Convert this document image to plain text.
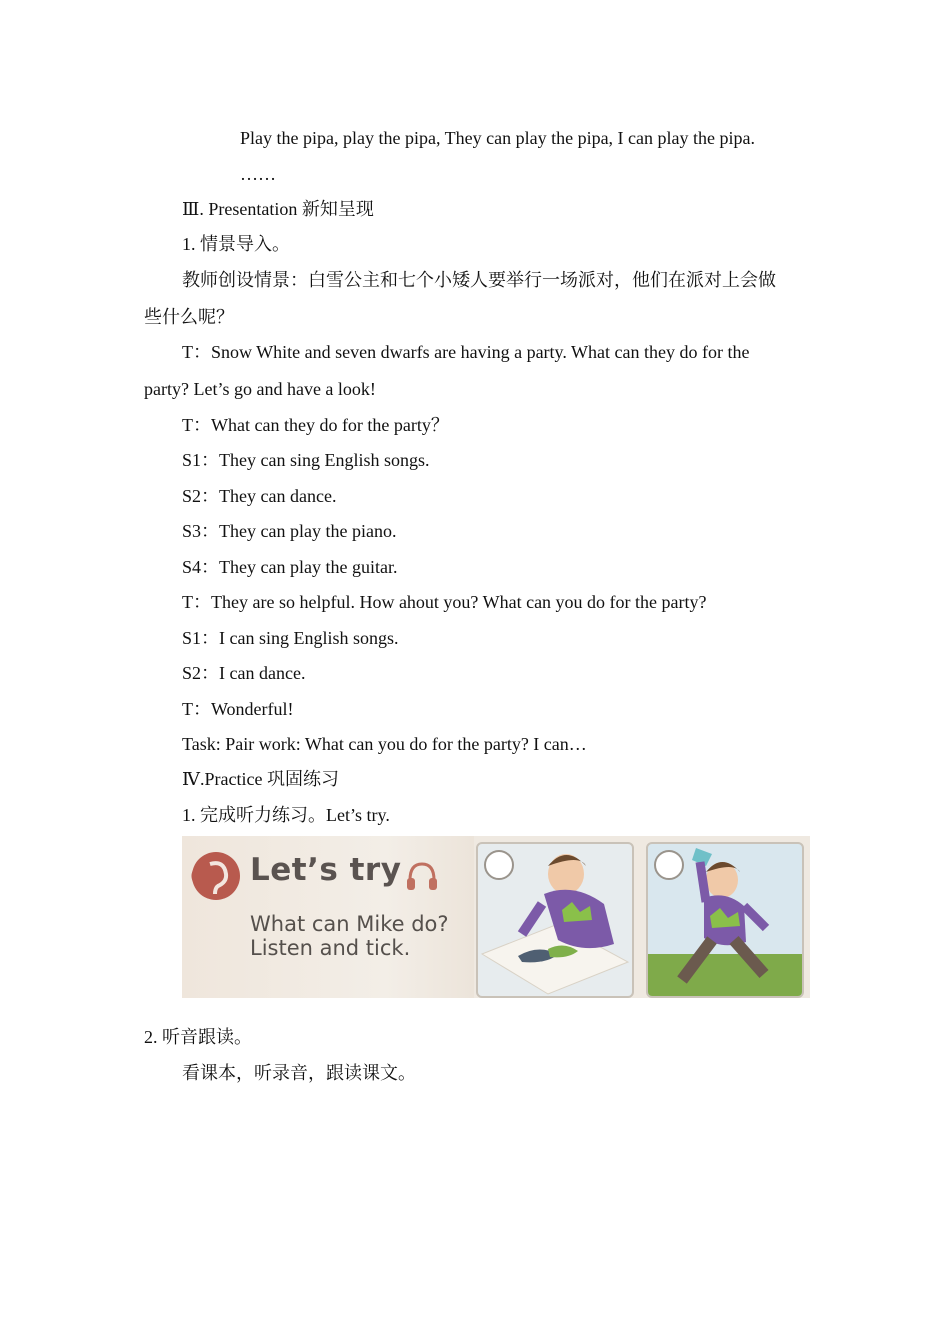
Play the pipa, play the pipa, They can play the pipa, I can play the pipa.
……
Ⅲ. Presentation 新知呈现
1. 情景导入。
教师创设情景：白雪公主和七个小矮人要举行一场派对，他们在派对上会做
些什么呢？
T：Snow White and seven dwarfs are having a party. What can they do for the
party? Let’s go and have a look!
T：What can they do for the party？
S1：They can sing English songs.
S2：They can dance.
S3：They can play the piano.
S4：They can play the guitar.
T：They are so helpful. How ahout you? What can you do for the party?
S1：I can sing English songs.
S2：I can dance.
T：Wonderful!
Task: Pair work: What can you do for the party? I can…
Ⅳ.Practice 巩固练习
1. 完成听力练习。Let’s try.
Let’s try
What can Mike do?
Listen and tick.
2. 听音跟读。
看课本，听录音，跟读课文。
